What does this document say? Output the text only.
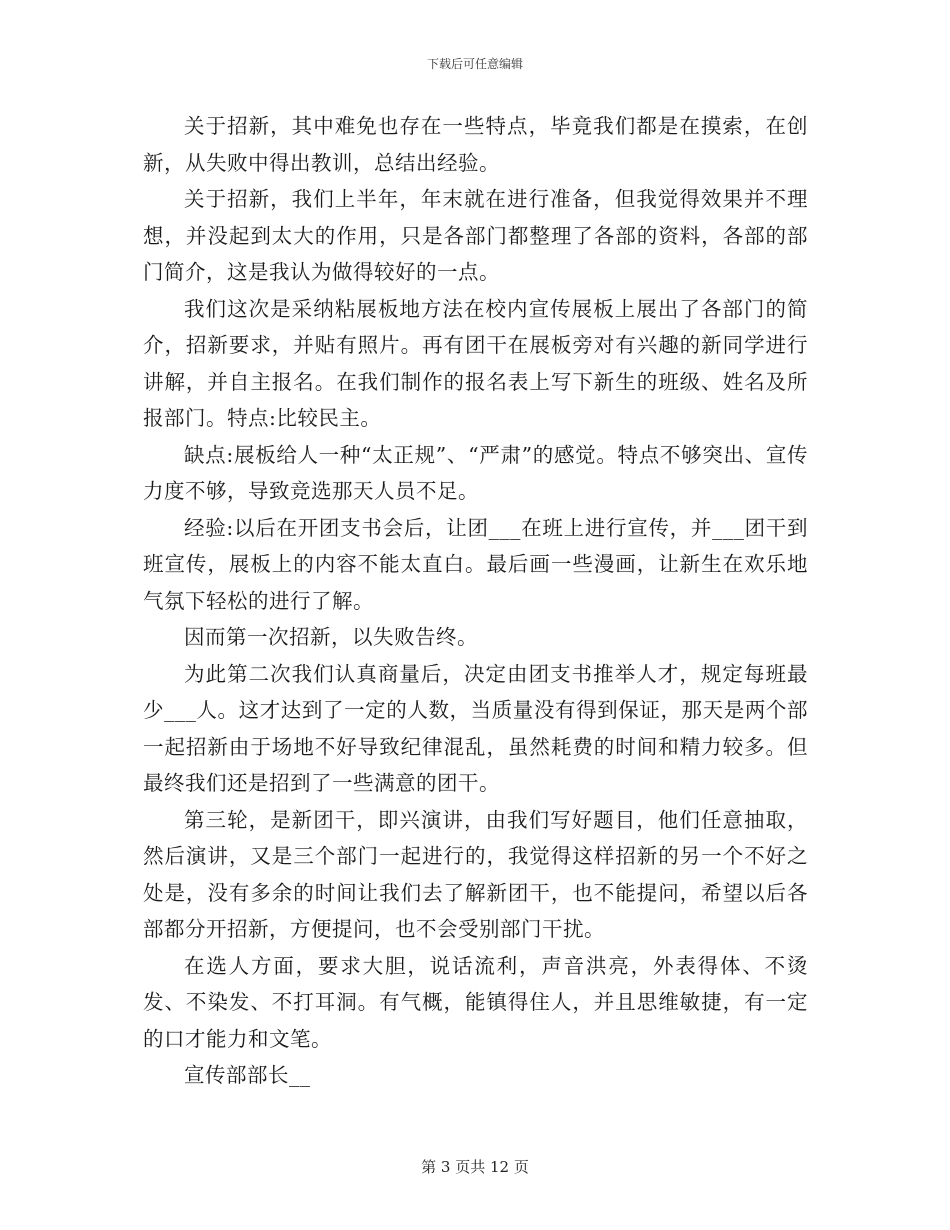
下载后可任意编辑

关于招新，其中难免也存在一些特点，毕竟我们都是在摸索，在创新，从失败中得出教训，总结出经验。

关于招新，我们上半年，年末就在进行准备，但我觉得效果并不理想，并没起到太大的作用，只是各部门都整理了各部的资料，各部的部门简介，这是我认为做得较好的一点。

我们这次是采纳粘展板地方法在校内宣传展板上展出了各部门的简介，招新要求，并贴有照片。再有团干在展板旁对有兴趣的新同学进行讲解，并自主报名。在我们制作的报名表上写下新生的班级、姓名及所报部门。特点:比较民主。

缺点:展板给人一种“太正规”、“严肃”的感觉。特点不够突出、宣传力度不够，导致竞选那天人员不足。

经验:以后在开团支书会后，让团___在班上进行宣传，并___团干到班宣传，展板上的内容不能太直白。最后画一些漫画，让新生在欢乐地气氛下轻松的进行了解。

因而第一次招新，以失败告终。

为此第二次我们认真商量后，决定由团支书推举人才，规定每班最少___人。这才达到了一定的人数，当质量没有得到保证，那天是两个部一起招新由于场地不好导致纪律混乱，虽然耗费的时间和精力较多。但最终我们还是招到了一些满意的团干。

第三轮，是新团干，即兴演讲，由我们写好题目，他们任意抽取，然后演讲，又是三个部门一起进行的，我觉得这样招新的另一个不好之处是，没有多余的时间让我们去了解新团干，也不能提问，希望以后各部都分开招新，方便提问，也不会受别部门干扰。

在选人方面，要求大胆，说话流利，声音洪亮，外表得体、不烫发、不染发、不打耳洞。有气概，能镇得住人，并且思维敏捷，有一定的口才能力和文笔。

宣传部部长__

第 3 页共 12 页
